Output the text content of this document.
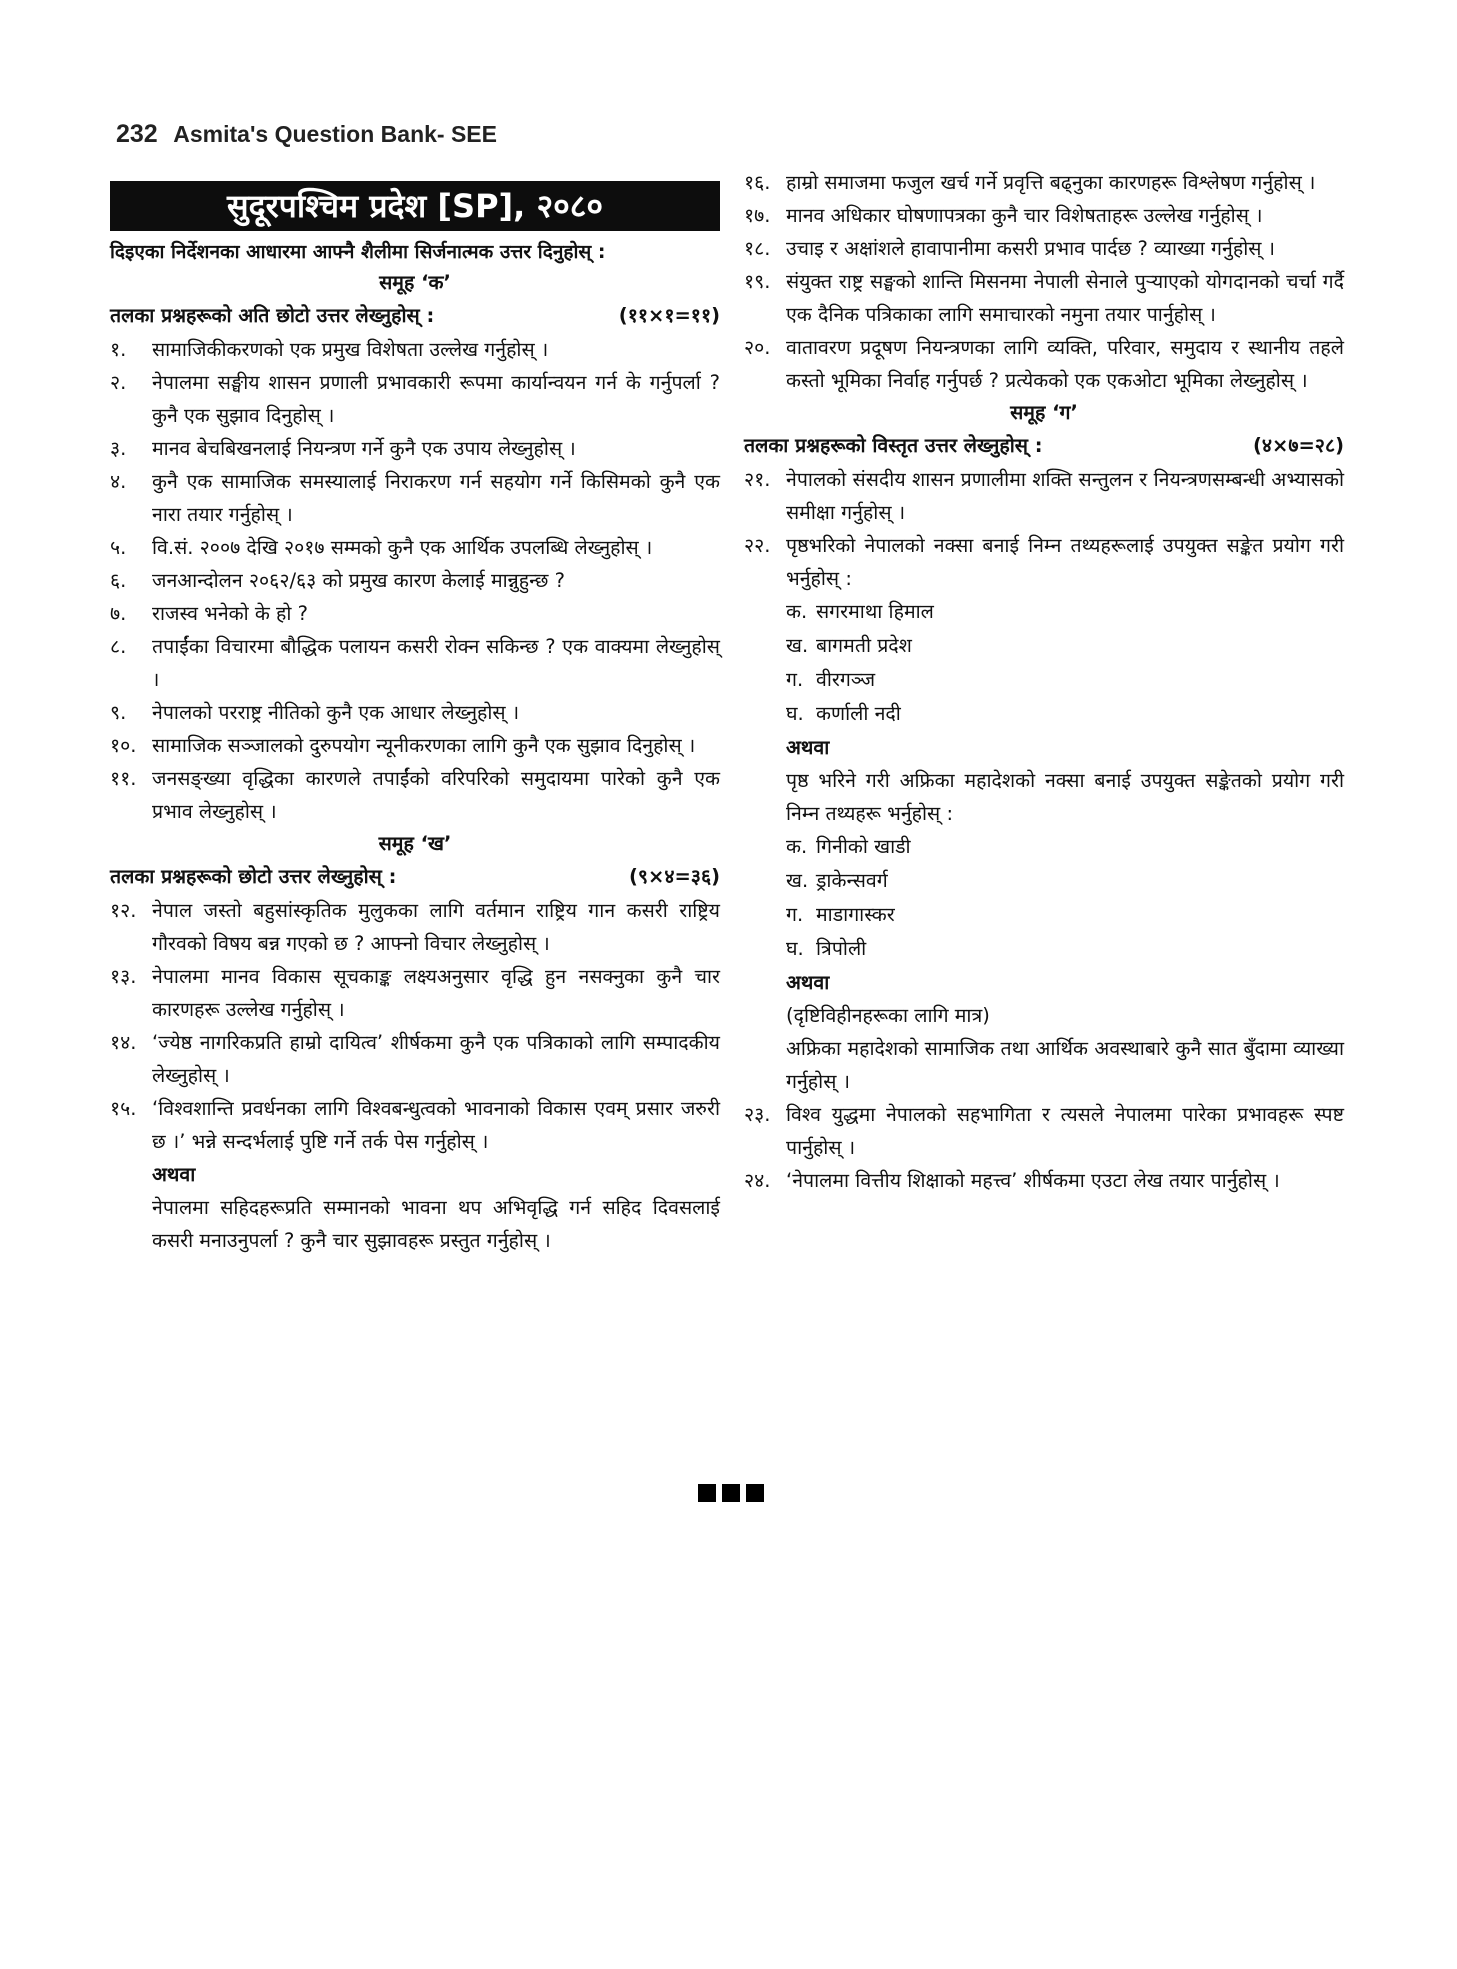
232 Asmita's Question Bank- SEE
सुदूरपश्चिम प्रदेश [SP], २०८०
दिइएका निर्देशनका आधारमा आफ्नै शैलीमा सिर्जनात्मक उत्तर दिनुहोस् :
समूह ‘क’
तलका प्रश्नहरूको अति छोटो उत्तर लेख्नुहोस् :	(११×१=११)
१.	सामाजिकीकरणको एक प्रमुख विशेषता उल्लेख गर्नुहोस् ।
२.	नेपालमा सङ्घीय शासन प्रणाली प्रभावकारी रूपमा कार्यान्वयन गर्न के गर्नुपर्ला ? कुनै एक सुझाव दिनुहोस् ।
३.	मानव बेचबिखनलाई नियन्त्रण गर्ने कुनै एक उपाय लेख्नुहोस् ।
४.	कुनै एक सामाजिक समस्यालाई निराकरण गर्न सहयोग गर्ने किसिमको कुनै एक नारा तयार गर्नुहोस् ।
५.	वि.सं. २००७ देखि २०१७ सम्मको कुनै एक आर्थिक उपलब्धि लेख्नुहोस् ।
६.	जनआन्दोलन २०६२/६३ को प्रमुख कारण केलाई मान्नुहुन्छ ?
७.	राजस्व भनेको के हो ?
८.	तपाईंका विचारमा बौद्धिक पलायन कसरी रोक्न सकिन्छ ? एक वाक्यमा लेख्नुहोस् ।
९.	नेपालको परराष्ट्र नीतिको कुनै एक आधार लेख्नुहोस् ।
१०. सामाजिक सञ्जालको दुरुपयोग न्यूनीकरणका लागि कुनै एक सुझाव दिनुहोस् ।
११. जनसङ्ख्या वृद्धिका कारणले तपाईंको वरिपरिको समुदायमा पारेको कुनै एक प्रभाव लेख्नुहोस् ।
समूह ‘ख’
तलका प्रश्नहरूको छोटो उत्तर लेख्नुहोस् :	(९×४=३६)
१२. नेपाल जस्तो बहुसांस्कृतिक मुलुकका लागि वर्तमान राष्ट्रिय गान कसरी राष्ट्रिय गौरवको विषय बन्न गएको छ ? आफ्नो विचार लेख्नुहोस् ।
१३. नेपालमा मानव विकास सूचकाङ्क लक्ष्यअनुसार वृद्धि हुन नसक्नुका कुनै चार कारणहरू उल्लेख गर्नुहोस् ।
१४. ‘ज्येष्ठ नागरिकप्रति हाम्रो दायित्व’ शीर्षकमा कुनै एक पत्रिकाको लागि सम्पादकीय लेख्नुहोस् ।
१५. ‘विश्वशान्ति प्रवर्धनका लागि विश्वबन्धुत्वको भावनाको विकास एवम् प्रसार जरुरी छ ।’ भन्ने सन्दर्भलाई पुष्टि गर्ने तर्क पेस गर्नुहोस् ।
अथवा
नेपालमा सहिदहरूप्रति सम्मानको भावना थप अभिवृद्धि गर्न सहिद दिवसलाई कसरी मनाउनुपर्ला ? कुनै चार सुझावहरू प्रस्तुत गर्नुहोस् ।
१६. हाम्रो समाजमा फजुल खर्च गर्ने प्रवृत्ति बढ्नुका कारणहरू विश्लेषण गर्नुहोस् ।
१७. मानव अधिकार घोषणापत्रका कुनै चार विशेषताहरू उल्लेख गर्नुहोस् ।
१८. उचाइ र अक्षांशले हावापानीमा कसरी प्रभाव पार्दछ ? व्याख्या गर्नुहोस् ।
१९. संयुक्त राष्ट्र सङ्घको शान्ति मिसनमा नेपाली सेनाले पुऱ्याएको योगदानको चर्चा गर्दै एक दैनिक पत्रिकाका लागि समाचारको नमुना तयार पार्नुहोस् ।
२०. वातावरण प्रदूषण नियन्त्रणका लागि व्यक्ति, परिवार, समुदाय र स्थानीय तहले कस्तो भूमिका निर्वाह गर्नुपर्छ ? प्रत्येकको एक एकओटा भूमिका लेख्नुहोस् ।
समूह ‘ग’
तलका प्रश्नहरूको विस्तृत उत्तर लेख्नुहोस् :	(४×७=२८)
२१. नेपालको संसदीय शासन प्रणालीमा शक्ति सन्तुलन र नियन्त्रणसम्बन्धी अभ्यासको समीक्षा गर्नुहोस् ।
२२. पृष्ठभरिको नेपालको नक्सा बनाई निम्न तथ्यहरूलाई उपयुक्त सङ्केत प्रयोग गरी भर्नुहोस् :
क. सगरमाथा हिमाल
ख. बागमती प्रदेश
ग. वीरगञ्ज
घ. कर्णाली नदी
अथवा
पृष्ठ भरिने गरी अफ्रिका महादेशको नक्सा बनाई उपयुक्त सङ्केतको प्रयोग गरी निम्न तथ्यहरू भर्नुहोस् :
क. गिनीको खाडी
ख. ड्राकेन्सवर्ग
ग. माडागास्कर
घ. त्रिपोली
अथवा
(दृष्टिविहीनहरूका लागि मात्र)
अफ्रिका महादेशको सामाजिक तथा आर्थिक अवस्थाबारे कुनै सात बुँदामा व्याख्या गर्नुहोस् ।
२३. विश्व युद्धमा नेपालको सहभागिता र त्यसले नेपालमा पारेका प्रभावहरू स्पष्ट पार्नुहोस् ।
२४. ‘नेपालमा वित्तीय शिक्षाको महत्त्व’ शीर्षकमा एउटा लेख तयार पार्नुहोस् ।
